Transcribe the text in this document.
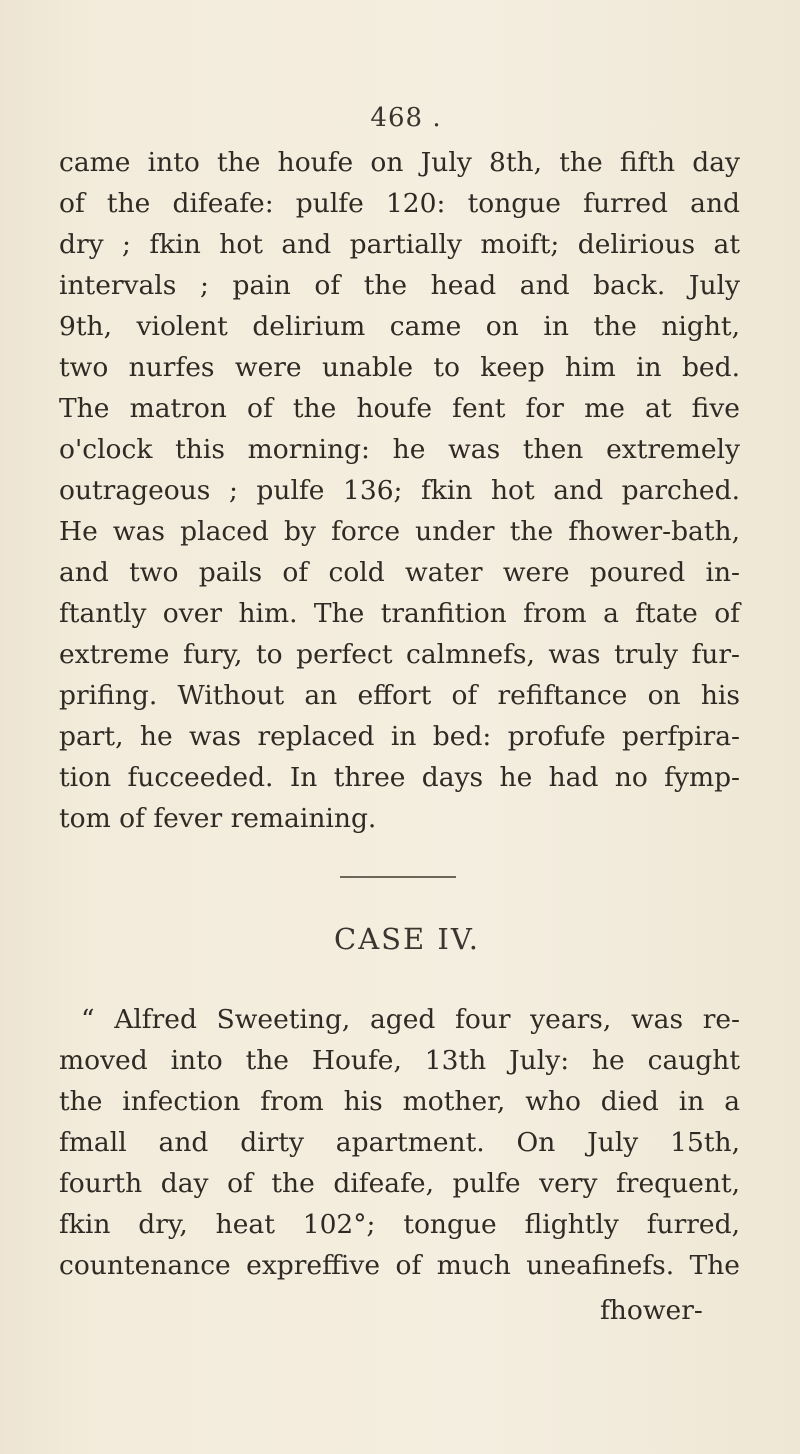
468 .
came into the houfe on July 8th, the fifth day
of the difeafe: pulfe 120: tongue furred and
dry ; fkin hot and partially moift; delirious at
intervals ; pain of the head and back. July
9th, violent delirium came on in the night,
two nurfes were unable to keep him in bed.
The matron of the houfe fent for me at five
o'clock this morning: he was then extremely
outrageous ; pulfe 136; fkin hot and parched.
He was placed by force under the fhower-bath,
and two pails of cold water were poured in-
ftantly over him. The tranfition from a ftate of
extreme fury, to perfect calmnefs, was truly fur-
prifing. Without an effort of refiftance on his
part, he was replaced in bed: profufe perfpira-
tion fucceeded. In three days he had no fymp-
tom of fever remaining.
CASE IV.
“ Alfred Sweeting, aged four years, was re-
moved into the Houfe, 13th July: he caught
the infection from his mother, who died in a
fmall and dirty apartment. On July 15th,
fourth day of the difeafe, pulfe very frequent,
fkin dry, heat 102°; tongue flightly furred,
countenance expreffive of much uneafinefs. The
fhower-
